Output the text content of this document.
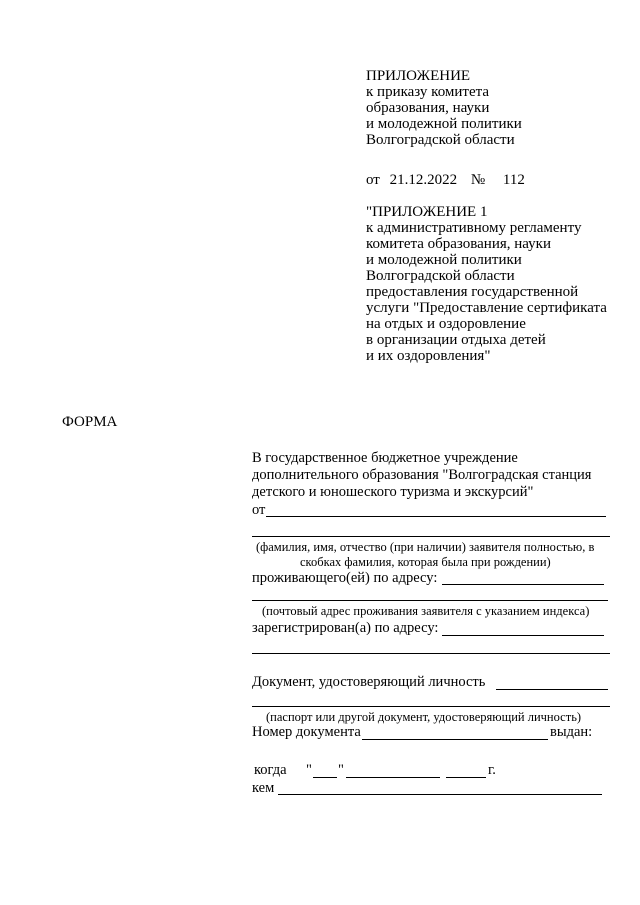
ПРИЛОЖЕНИЕ
к приказу комитета
образования, науки
и молодежной политики
Волгоградской области
от 21.12.2022 № 112
"ПРИЛОЖЕНИЕ 1
к административному регламенту
комитета образования, науки
и молодежной политики
Волгоградской области
предоставления государственной
услуги "Предоставление сертификата
на отдых и оздоровление
в организации отдыха детей
и их оздоровления"
ФОРМА
В государственное бюджетное учреждение
дополнительного образования "Волгоградская станция
детского и юношеского туризма и экскурсий"
от
(фамилия, имя, отчество (при наличии) заявителя полностью, в
скобках фамилия, которая была при рождении)
проживающего(ей) по адресу:
(почтовый адрес проживания заявителя с указанием индекса)
зарегистрирован(а) по адресу:
Документ, удостоверяющий личность
(паспорт или другой документ, удостоверяющий личность)
Номер документа	выдан:
когда " "	г.
кем
